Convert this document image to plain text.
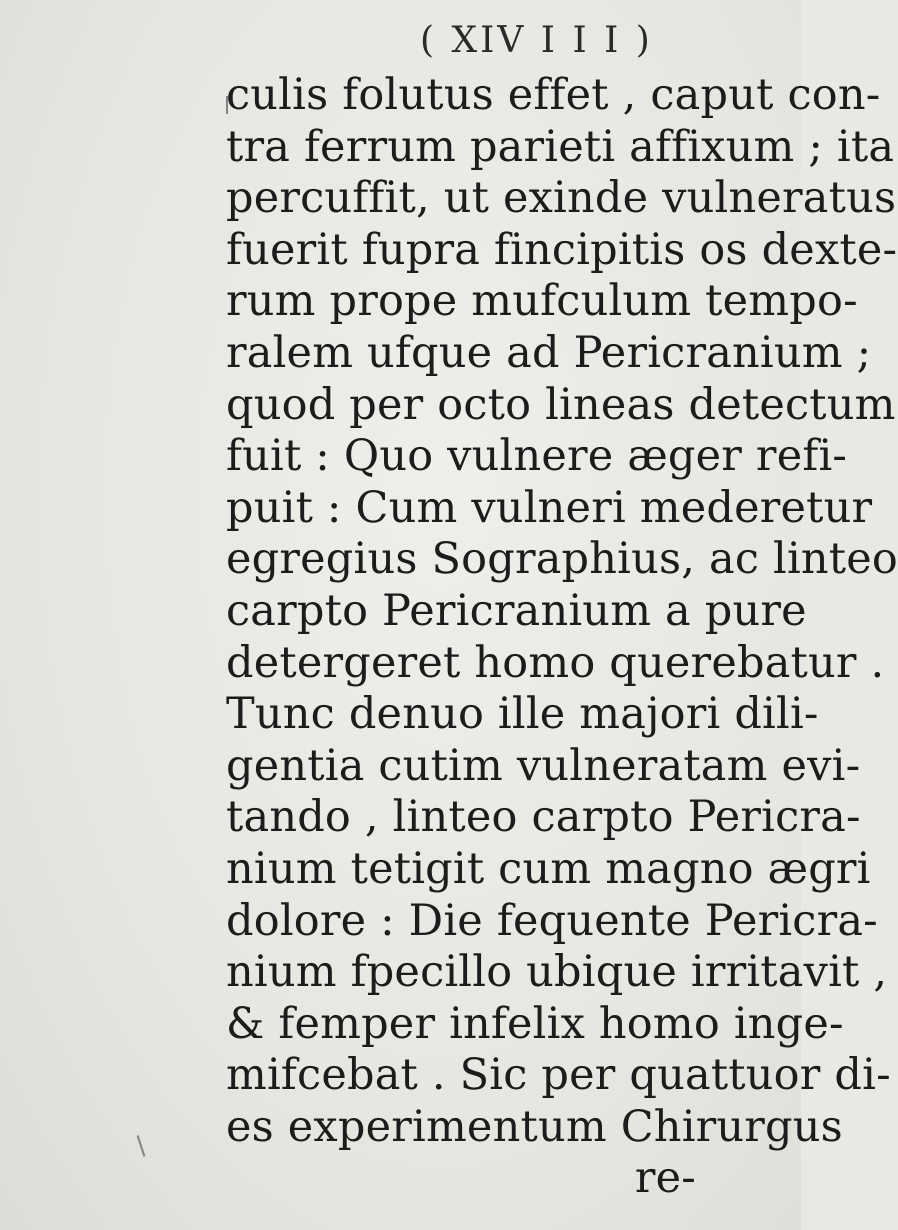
( XIV I I I )
culis folutus effet , caput con-
tra ferrum parieti affixum ; ita
percuffit, ut exinde vulneratus
fuerit fupra fincipitis os dexte-
rum prope mufculum tempo-
ralem ufque ad Pericranium ;
quod per octo lineas detectum
fuit : Quo vulnere æger refi-
puit : Cum vulneri mederetur
egregius Sographius, ac linteo
carpto Pericranium a pure
detergeret homo querebatur .
Tunc denuo ille majori dili-
gentia cutim vulneratam evi-
tando , linteo carpto Pericra-
nium tetigit cum magno ægri
dolore : Die fequente Pericra-
nium fpecillo ubique irritavit ,
& femper infelix homo inge-
mifcebat . Sic per quattuor di-
es experimentum Chirurgus
re-
